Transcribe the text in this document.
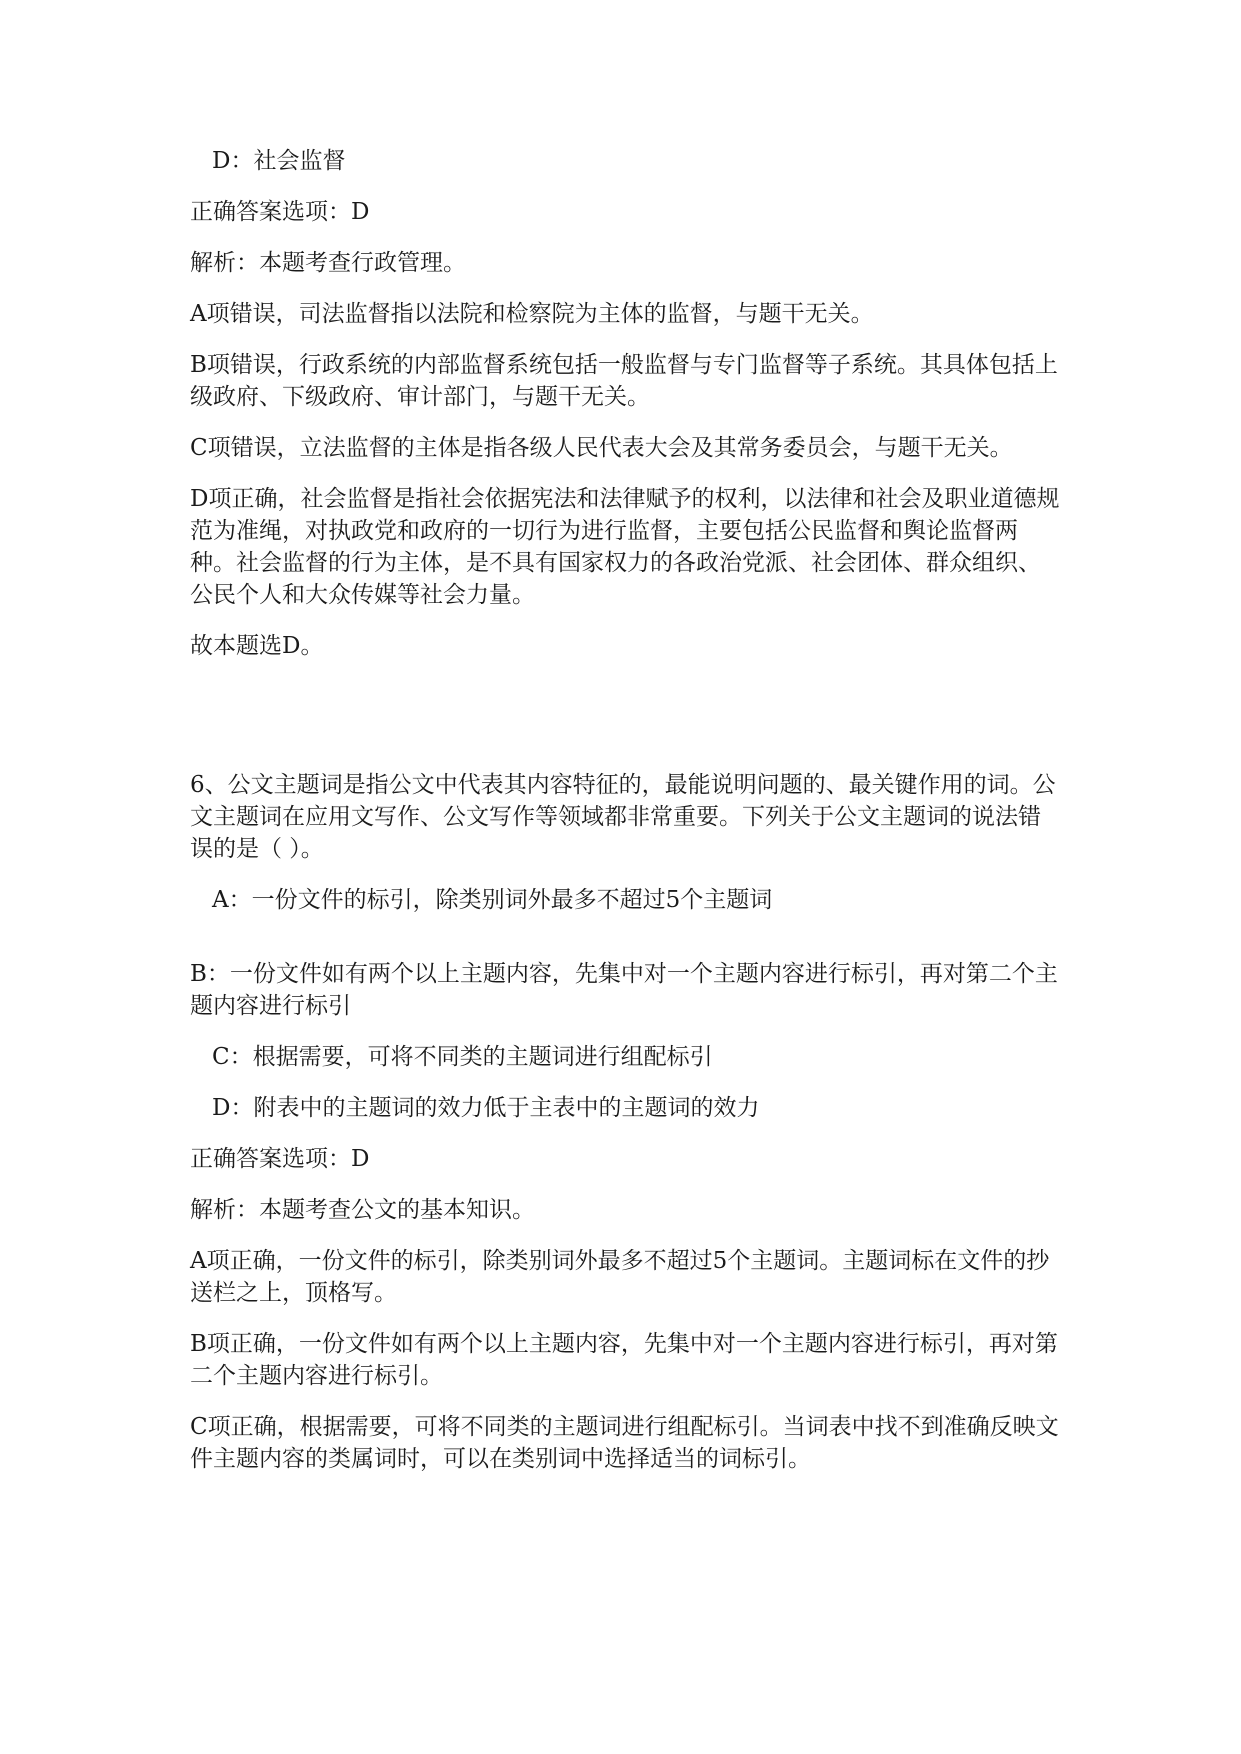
D：社会监督

正确答案选项：D

解析：本题考查行政管理。

A项错误，司法监督指以法院和检察院为主体的监督，与题干无关。

B项错误，行政系统的内部监督系统包括一般监督与专门监督等子系统。其具体包括上级政府、下级政府、审计部门，与题干无关。

C项错误，立法监督的主体是指各级人民代表大会及其常务委员会，与题干无关。

D项正确，社会监督是指社会依据宪法和法律赋予的权利，以法律和社会及职业道德规范为准绳，对执政党和政府的一切行为进行监督，主要包括公民监督和舆论监督两种。社会监督的行为主体，是不具有国家权力的各政治党派、社会团体、群众组织、公民个人和大众传媒等社会力量。

故本题选D。

6、公文主题词是指公文中代表其内容特征的，最能说明问题的、最关键作用的词。公文主题词在应用文写作、公文写作等领域都非常重要。下列关于公文主题词的说法错误的是（ ）。

A：一份文件的标引，除类别词外最多不超过5个主题词

B：一份文件如有两个以上主题内容，先集中对一个主题内容进行标引，再对第二个主题内容进行标引

C：根据需要，可将不同类的主题词进行组配标引

D：附表中的主题词的效力低于主表中的主题词的效力

正确答案选项：D

解析：本题考查公文的基本知识。

A项正确，一份文件的标引，除类别词外最多不超过5个主题词。主题词标在文件的抄送栏之上，顶格写。

B项正确，一份文件如有两个以上主题内容，先集中对一个主题内容进行标引，再对第二个主题内容进行标引。

C项正确，根据需要，可将不同类的主题词进行组配标引。当词表中找不到准确反映文件主题内容的类属词时，可以在类别词中选择适当的词标引。
